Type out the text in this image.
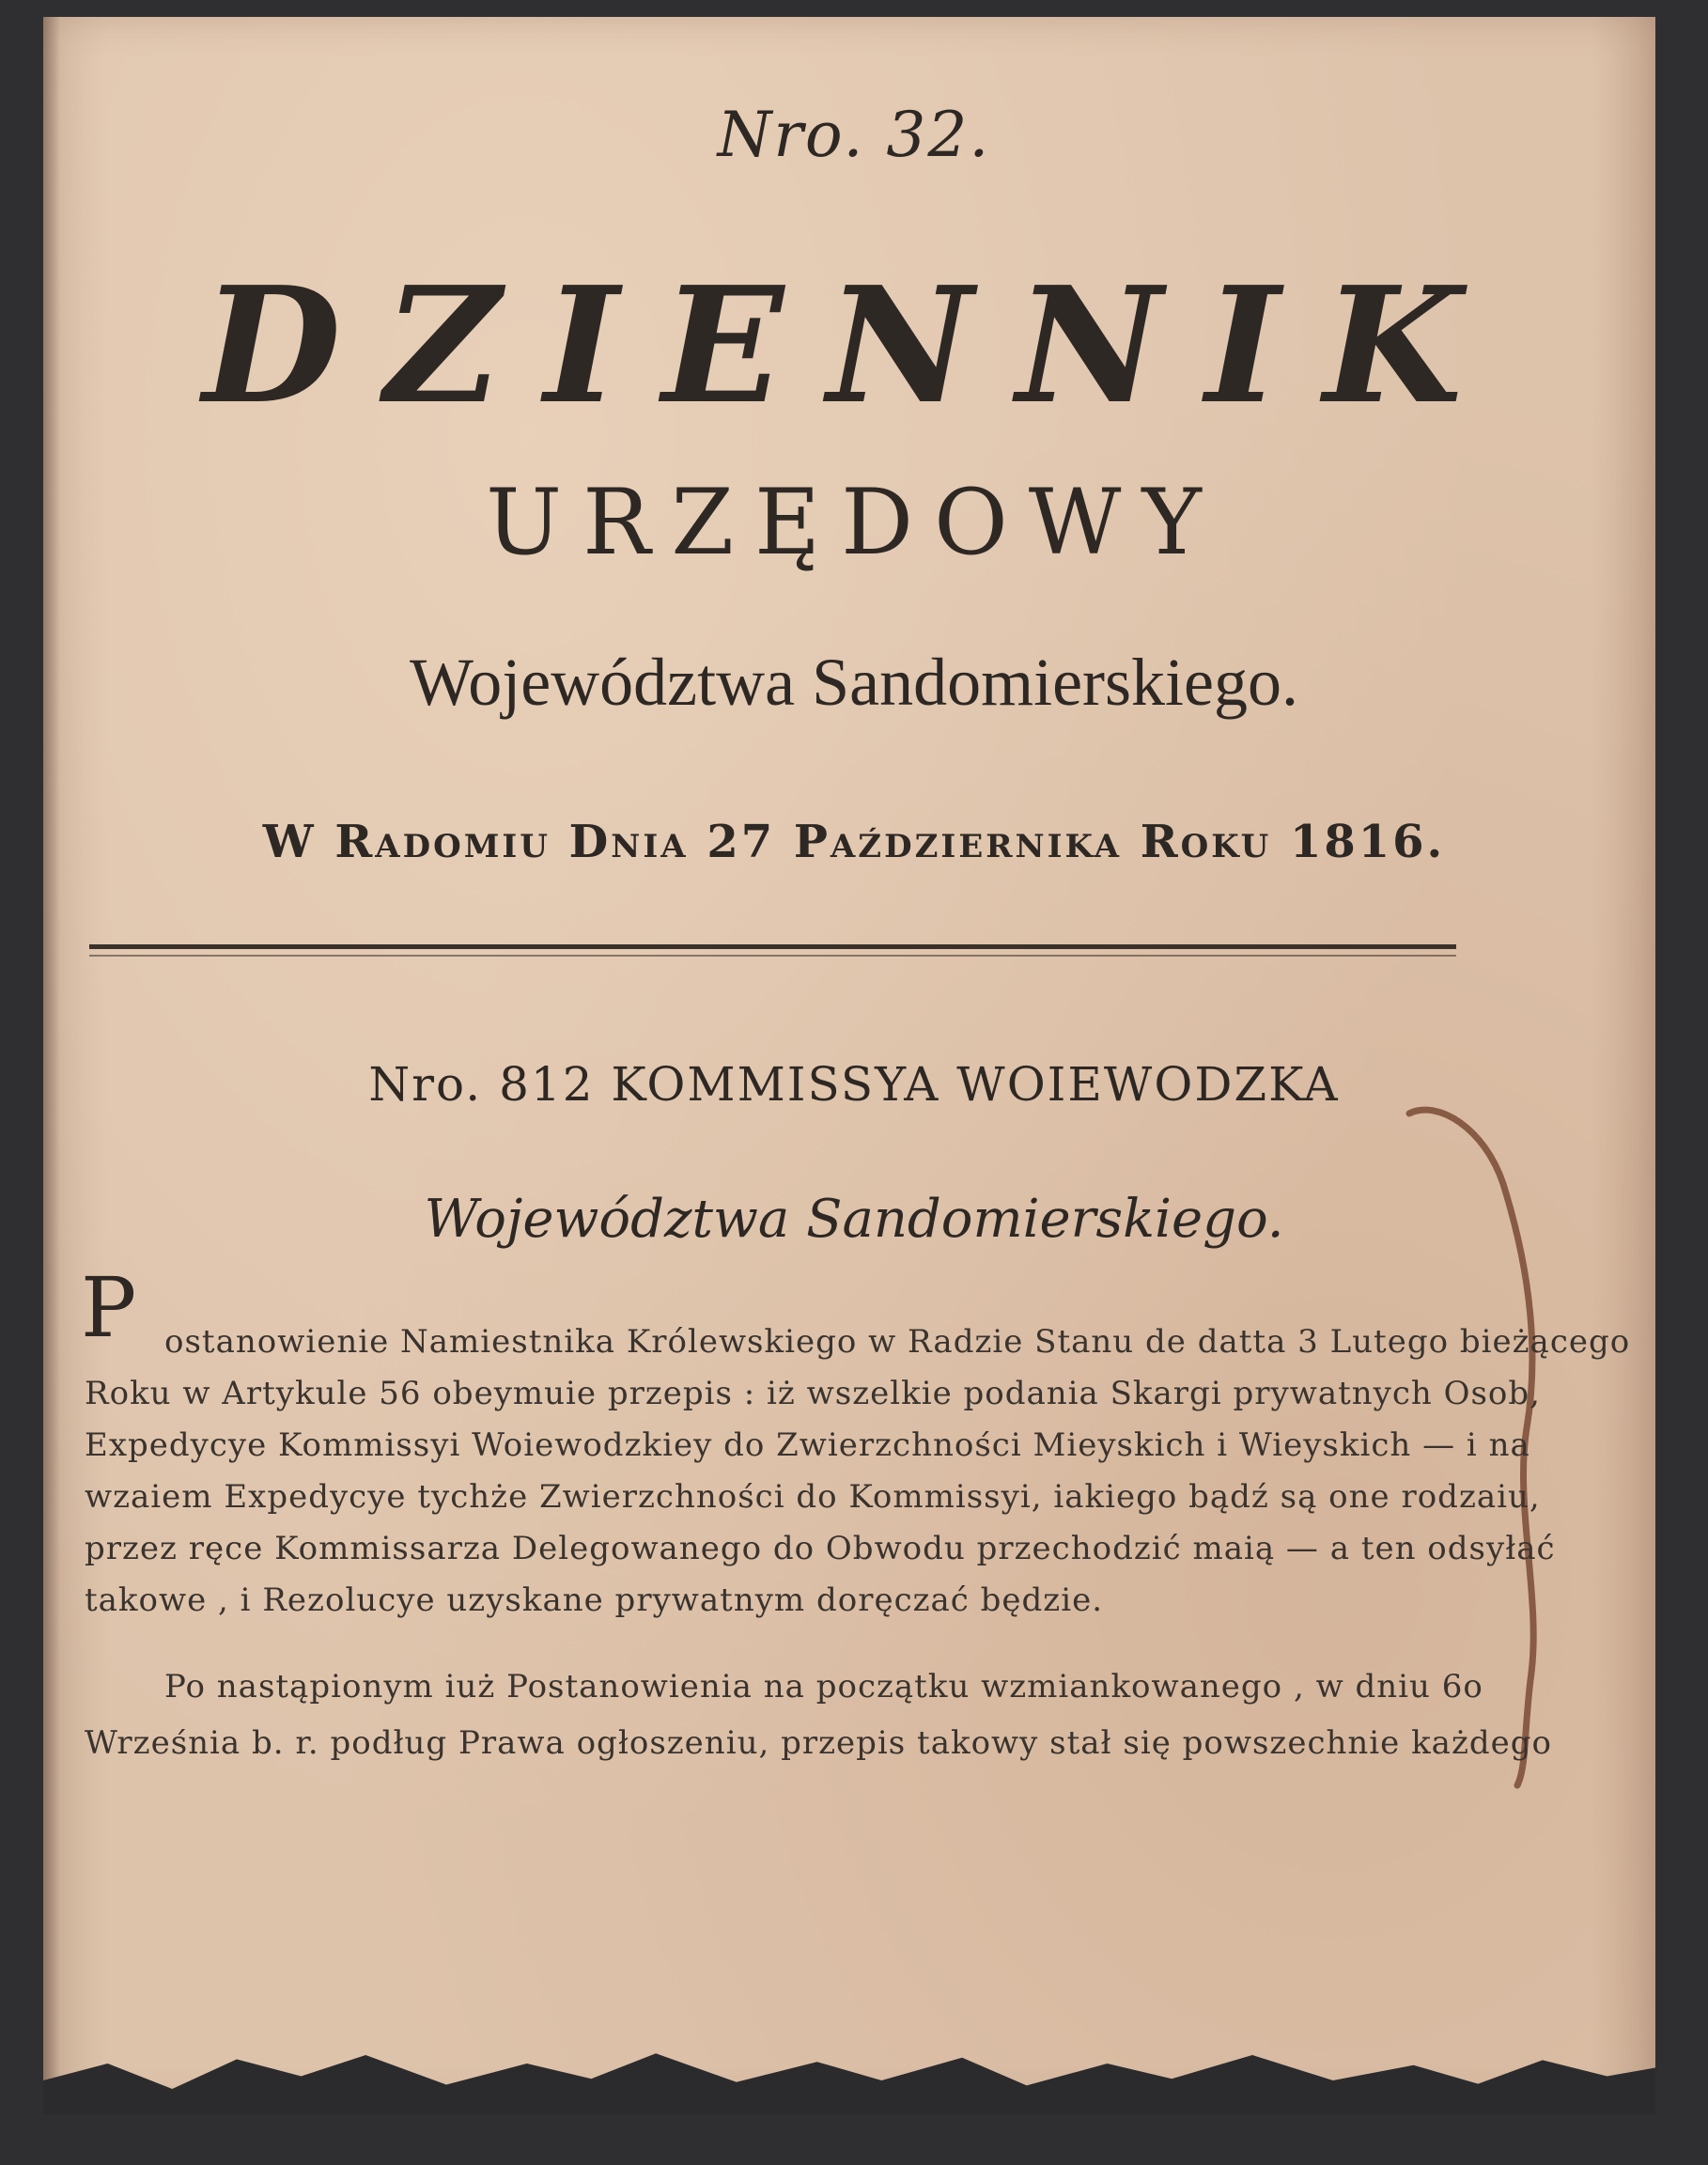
Nro. 32.
DZIENNIK
URZĘDOWY
Województwa Sandomierskiego.
W Radomiu Dnia 27 Października Roku 1816.
Nro. 812 KOMMISSYA WOIEWODZKA
Województwa Sandomierskiego.
P ostanowienie Namiestnika Królewskiego w Radzie Stanu de datta 3 Lutego bieżącego
Roku w Artykule 56 obeymuie przepis : iż wszelkie podania Skargi prywatnych Osob,
Expedycye Kommissyi Woiewodzkiey do Zwierzchności Mieyskich i Wieyskich — i na
wzaiem Expedycye tychże Zwierzchności do Kommissyi, iakiego bądź są one rodzaiu,
przez ręce Kommissarza Delegowanego do Obwodu przechodzić maią — a ten odsyłać
takowe , i Rezolucye uzyskane prywatnym doręczać będzie.
Po nastąpionym iuż Postanowienia na początku wzmiankowanego , w dniu 6o
Września b. r. podług Prawa ogłoszeniu, przepis takowy stał się powszechnie każdego
